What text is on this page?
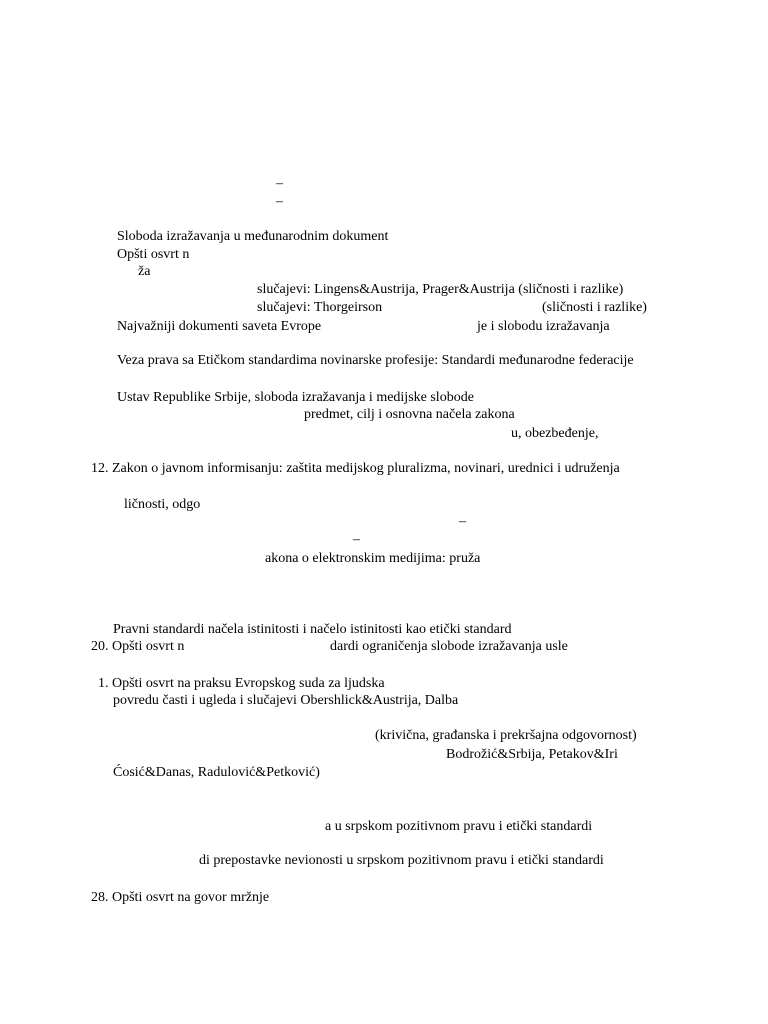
–
–
Sloboda izražavanja u međunarodnim dokument
Opšti osvrt n
ža
slučajevi: Lingens&Austrija, Prager&Austrija (sličnosti i razlike)
slučajevi: Thorgeirson	(sličnosti i razlike)
Najvažniji dokumenti saveta Evrope	je i slobodu izražavanja
Veza prava sa Etičkom standardima novinarske profesije: Standardi međunarodne federacije
Ustav Republike Srbije, sloboda izražavanja i medijske slobode
predmet, cilj i osnovna načela zakona
u, obezbeđenje,
12. Zakon o javnom informisanju: zaštita medijskog pluralizma, novinari, urednici i udruženja
ličnosti, odgo
–
–
akona o elektronskim medijima: pruža
Pravni standardi načela istinitosti i načelo istinitosti kao etički standard
20. Opšti osvrt n	dardi ograničenja slobode izražavanja usle
1. Opšti osvrt na praksu Evropskog suda za ljudska
povredu časti i ugleda i slučajevi Obershlick&Austrija, Dalba
(krivična, građanska i prekršajna odgovornost)
Bodrožić&Srbija, Petakov&Iri
Ćosić&Danas, Radulović&Petković)
a u srpskom pozitivnom pravu i etički standardi
di prepostavke nevionosti u srpskom pozitivnom pravu i etički standardi
28. Opšti osvrt na govor mržnje
